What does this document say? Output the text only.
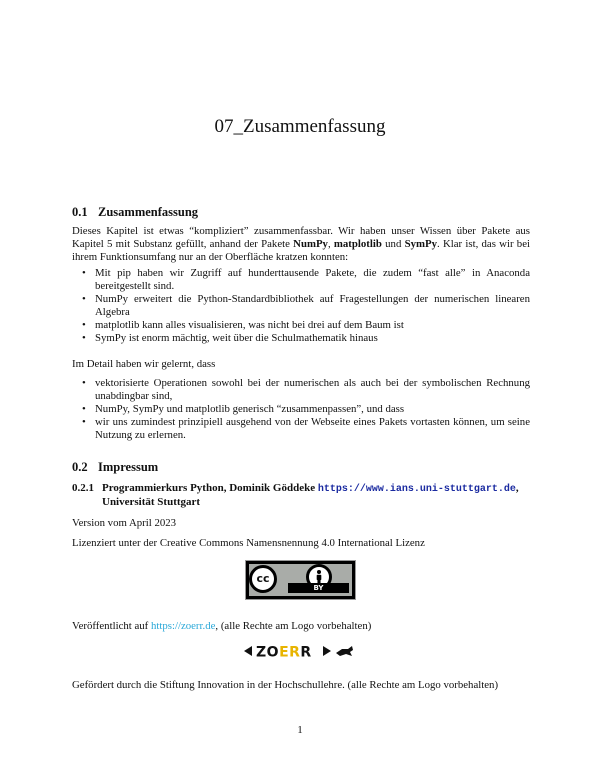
07_Zusammenfassung
0.1 Zusammenfassung

Dieses Kapitel ist etwas “kompliziert” zusammenfassbar. Wir haben unser Wissen über Pakete aus Kapitel 5 mit Substanz gefüllt, anhand der Pakete NumPy, matplotlib und SymPy. Klar ist, das wir bei ihrem Funktionsumfang nur an der Oberfläche kratzen konnten:

• Mit pip haben wir Zugriff auf hunderttausende Pakete, die zudem “fast alle” in Anaconda bereitgestellt sind.
• NumPy erweitert die Python-Standardbibliothek auf Fragestellungen der numerischen linearen Algebra
• matplotlib kann alles visualisieren, was nicht bei drei auf dem Baum ist
• SymPy ist enorm mächtig, weit über die Schulmathematik hinaus

Im Detail haben wir gelernt, dass

• vektorisierte Operationen sowohl bei der numerischen als auch bei der symbolischen Rechnung unabdingbar sind,
• NumPy, SymPy und matplotlib generisch “zusammenpassen”, und dass
• wir uns zumindest prinzipiell ausgehend von der Webseite eines Pakets vortasten können, um seine Nutzung zu erlernen.
0.2 Impressum
0.2.1 Programmierkurs Python, Dominik Göddeke https://www.ians.uni-stuttgart.de, Universität Stuttgart

Version vom April 2023

Lizenziert unter der Creative Commons Namensnennung 4.0 International Lizenz

cc
BY

Veröffentlicht auf https://zoerr.de, (alle Rechte am Logo vorbehalten)

ZOERR

Gefördert durch die Stiftung Innovation in der Hochschullehre. (alle Rechte am Logo vorbehalten)

1
